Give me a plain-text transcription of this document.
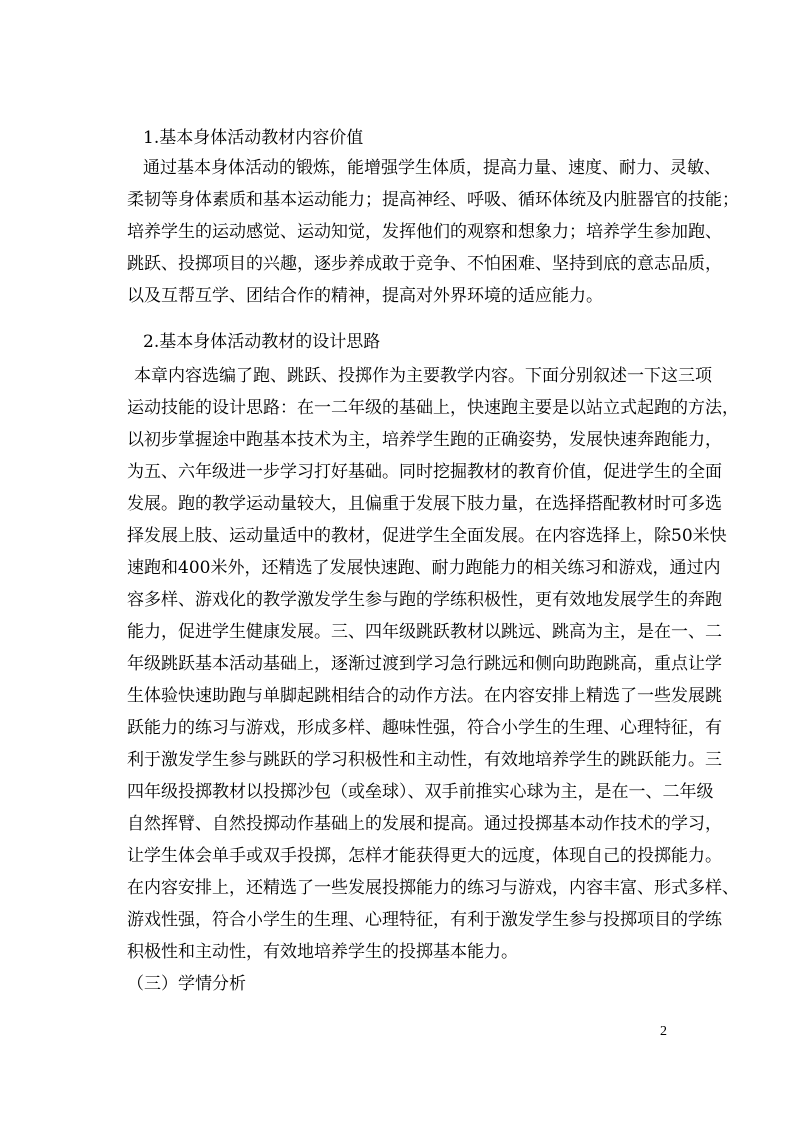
1.基本身体活动教材内容价值
通过基本身体活动的锻炼，能增强学生体质，提高力量、速度、耐力、灵敏、
柔韧等身体素质和基本运动能力；提高神经、呼吸、循环体统及内脏器官的技能；
培养学生的运动感觉、运动知觉，发挥他们的观察和想象力；培养学生参加跑、
跳跃、投掷项目的兴趣，逐步养成敢于竞争、不怕困难、坚持到底的意志品质，
以及互帮互学、团结合作的精神，提高对外界环境的适应能力。
2.基本身体活动教材的设计思路
本章内容选编了跑、跳跃、投掷作为主要教学内容。下面分别叙述一下这三项
运动技能的设计思路：在一二年级的基础上，快速跑主要是以站立式起跑的方法，
以初步掌握途中跑基本技术为主，培养学生跑的正确姿势，发展快速奔跑能力，
为五、六年级进一步学习打好基础。同时挖掘教材的教育价值，促进学生的全面
发展。跑的教学运动量较大，且偏重于发展下肢力量，在选择搭配教材时可多选
择发展上肢、运动量适中的教材，促进学生全面发展。在内容选择上，除50米快
速跑和400米外，还精选了发展快速跑、耐力跑能力的相关练习和游戏，通过内
容多样、游戏化的教学激发学生参与跑的学练积极性，更有效地发展学生的奔跑
能力，促进学生健康发展。三、四年级跳跃教材以跳远、跳高为主，是在一、二
年级跳跃基本活动基础上，逐渐过渡到学习急行跳远和侧向助跑跳高，重点让学
生体验快速助跑与单脚起跳相结合的动作方法。在内容安排上精选了一些发展跳
跃能力的练习与游戏，形成多样、趣味性强，符合小学生的生理、心理特征，有
利于激发学生参与跳跃的学习积极性和主动性，有效地培养学生的跳跃能力。三
四年级投掷教材以投掷沙包（或垒球）、双手前推实心球为主，是在一、二年级
自然挥臂、自然投掷动作基础上的发展和提高。通过投掷基本动作技术的学习，
让学生体会单手或双手投掷，怎样才能获得更大的远度，体现自己的投掷能力。
在内容安排上，还精选了一些发展投掷能力的练习与游戏，内容丰富、形式多样、
游戏性强，符合小学生的生理、心理特征，有利于激发学生参与投掷项目的学练
积极性和主动性，有效地培养学生的投掷基本能力。
（三）学情分析
2
